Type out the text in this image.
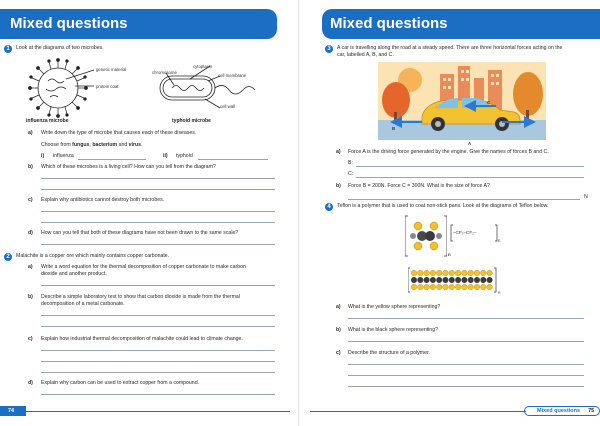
Mixed questions
1	Look at the diagrams of two microbes.
genetic material
protein coat
influenza microbe
cytoplasm
chromosome
cell membrane
cell wall
typhoid microbe
a) Write down the type of microbe that causes each of these diseases.
Choose from fungus, bacterium and virus.
i) influenza	ii) typhoid
b) Which of these microbes is a living cell? How can you tell from the diagram?
c) Explain why antibiotics cannot destroy both microbes.
d) How can you tell that both of these diagrams have not been drawn to the same scale?
2	Malachite is a copper ore which mainly contains copper carbonate.
a) Write a word equation for the thermal decomposition of copper carbonate to make carbon
dioxide and another product.
b) Describe a simple laboratory test to show that carbon dioxide is made from the thermal
decomposition of a metal carbonate.
c) Explain how industrial thermal decomposition of malachite could lead to climate change.
d) Explain why carbon can be used to extract copper from a compound.
74
Mixed questions
3	A car is travelling along the road at a steady speed. There are three horizontal forces acting on the
car, labelled A, B, and C.
A
B
C
a) Force A is the driving force generated by the engine. Give the names of forces B and C.
B:
C:
b) Force B = 200N. Force C = 300N. What is the size of force A?
N
4	Teflon is a polymer that is used to coat non-stick pans. Look at the diagrams of Teflon below.
n
–CF₂–CF₂–
n
n
a) What is the yellow sphere representing?
b) What is the black sphere representing?
c) Describe the structure of a polymer.
Mixed questions 75
